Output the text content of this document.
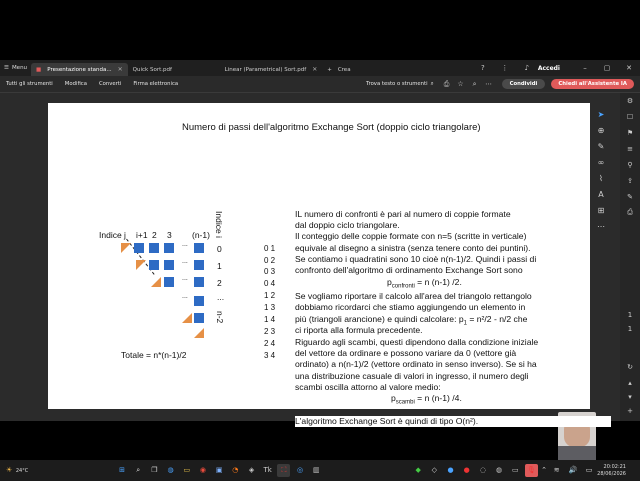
☰ Menu ■ Presentazione standa... ✕ Quick Sort.pdf	Linear (Parametrical) Sort.pdf ✕ + Crea	?	⋮	♪	Accedi	–	▢	✕
Tutti gli strumenti	Modifica	Converti	Firma elettronica	Trova testo o strumenti ⌕	⎙	☆	⌕	⋯	Condividi	Chiedi all'Assistente IA
Numero di passi dell'algoritmo Exchange Sort (doppio ciclo triangolare)
Indice j i+1 2 3 (n-1)
...
...
...
...
Indice i
0
1
2
...
n-2
Totale = n*(n-1)/2
0 1
0 2
0 3
0 4
1 2
1 3
1 4
2 3
2 4
3 4
IL numero di confronti è pari al numero di coppie formate
dal doppio ciclo triangolare.
Il conteggio delle coppie formate con n=5 (scritte in verticale)
equivale al disegno a sinistra (senza tenere conto dei puntini).
Se contiamo i quadratini sono 10 cioè n(n-1)/2. Quindi i passi di
confronto dell'algoritmo di ordinamento Exchange Sort sono
$p_{confronti} = n$ (n-1) /2.
Se vogliamo riportare il calcolo all'area del triangolo rettangolo
dobbiamo ricordarci che stiamo aggiungendo un elemento in
più (triangoli arancione) e quindi calcolare: $p_1 = n^2/2 - n/2$ che
ci riporta alla formula precedente.
Riguardo agli scambi, questi dipendono dalla condizione iniziale
del vettore da ordinare e possono variare da 0 (vettore già
ordinato) a n(n-1)/2 (vettore ordinato in senso inverso). Se si ha
una distribuzione casuale di valori in ingresso, il numero degli
scambi oscilla attorno al valore medio:
$p_{scambi} = n$ (n-1) /4.
L'algoritmo Exchange Sort è quindi di tipo O(n²).
➤
⊕
✎
∞
⌇
A
⊞
⋯
⚙
☐
⚑
≡
⚲
⇪
✎
⎙
1
1
↻
▴
▾
+
☀ 24°C	⊞	⌕	❐	◍	▭	◉	▣	◔	◈	Tk	⛶	◎	▥	◆	◇	●	●	◌	◍	▭	🎙 ⌃ ≋	🔊	▭	20:02:21
28/06/2026
